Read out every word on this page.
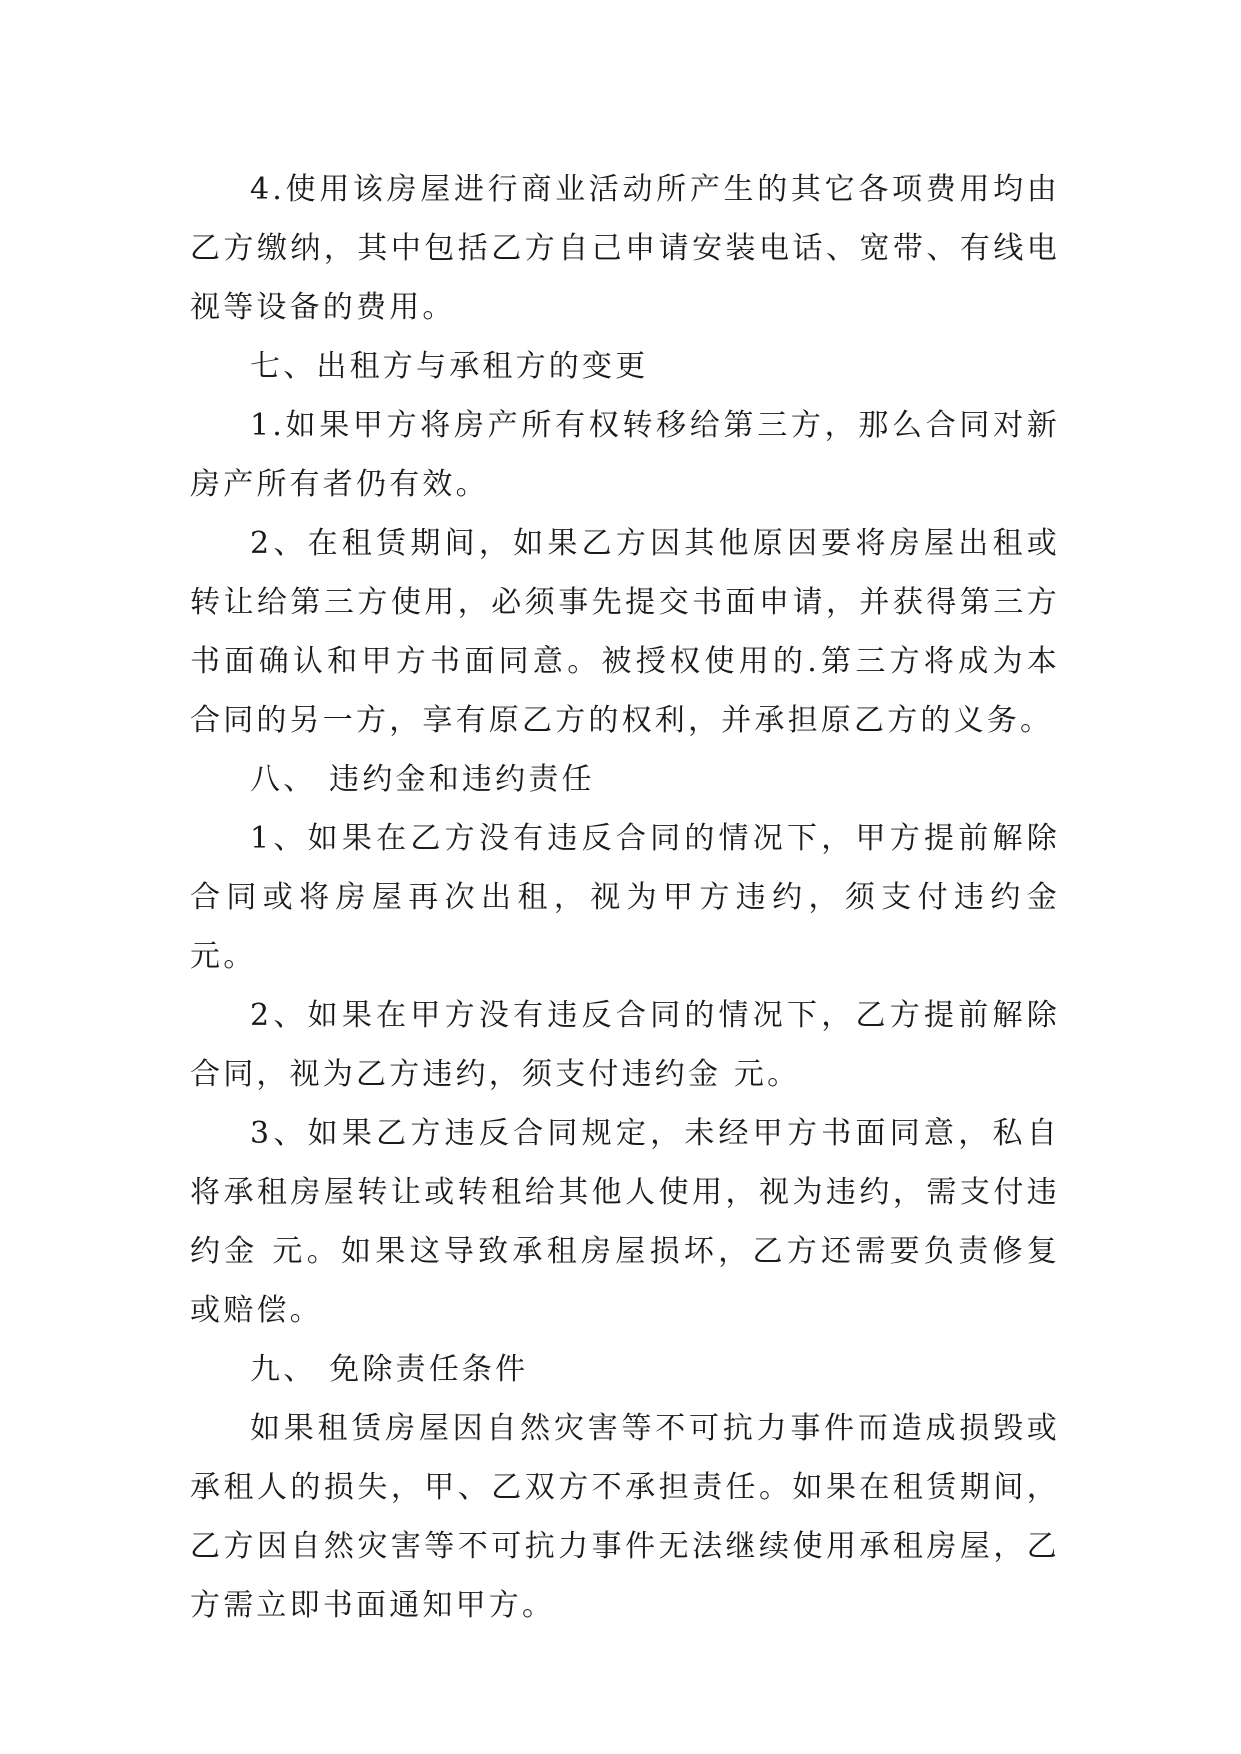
4.使用该房屋进行商业活动所产生的其它各项费用均由乙方缴纳，其中包括乙方自己申请安装电话、宽带、有线电视等设备的费用。

七、出租方与承租方的变更

1.如果甲方将房产所有权转移给第三方，那么合同对新房产所有者仍有效。

2、在租赁期间，如果乙方因其他原因要将房屋出租或转让给第三方使用，必须事先提交书面申请，并获得第三方书面确认和甲方书面同意。被授权使用的.第三方将成为本合同的另一方，享有原乙方的权利，并承担原乙方的义务。

八、 违约金和违约责任

1、如果在乙方没有违反合同的情况下，甲方提前解除合同或将房屋再次出租，视为甲方违约，须支付违约金 元。

2、如果在甲方没有违反合同的情况下，乙方提前解除合同，视为乙方违约，须支付违约金 元。

3、如果乙方违反合同规定，未经甲方书面同意，私自将承租房屋转让或转租给其他人使用，视为违约，需支付违约金 元。如果这导致承租房屋损坏，乙方还需要负责修复或赔偿。

九、 免除责任条件

如果租赁房屋因自然灾害等不可抗力事件而造成损毁或承租人的损失，甲、乙双方不承担责任。如果在租赁期间，乙方因自然灾害等不可抗力事件无法继续使用承租房屋，乙方需立即书面通知甲方。
